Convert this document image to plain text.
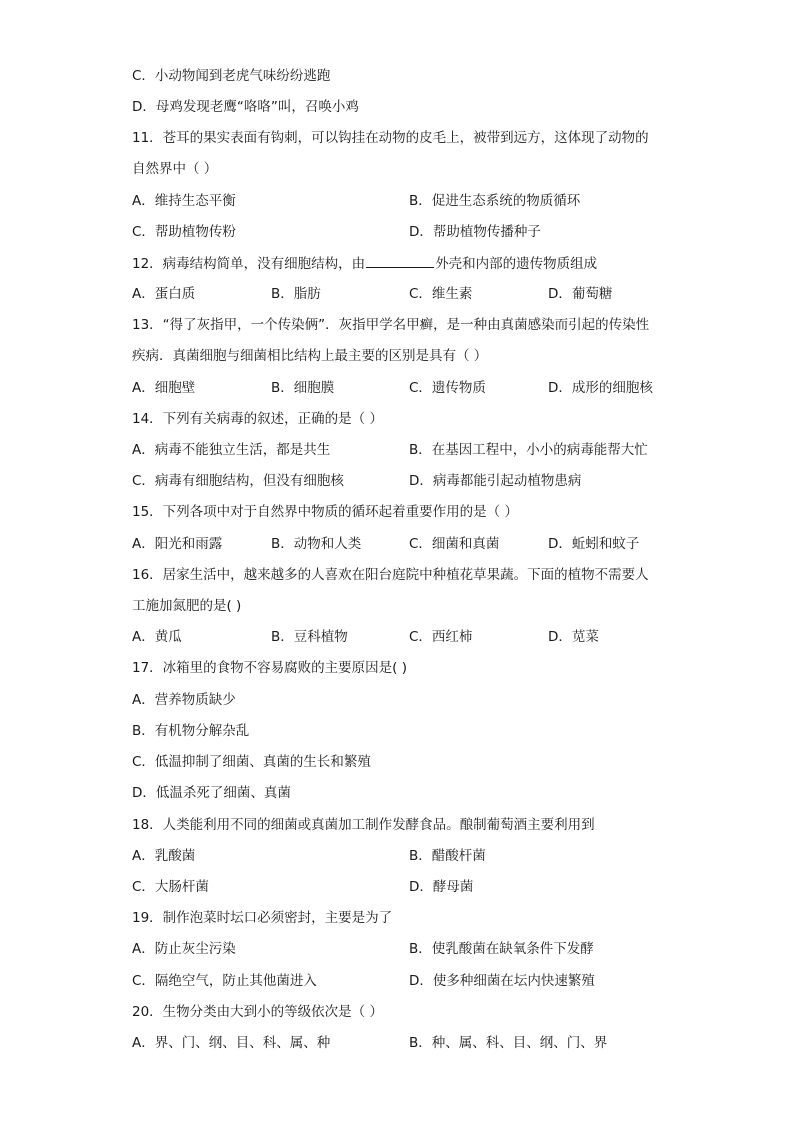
C．小动物闻到老虎气味纷纷逃跑
D．母鸡发现老鹰“咯咯”叫，召唤小鸡
11．苍耳的果实表面有钩刺，可以钩挂在动物的皮毛上，被带到远方，这体现了动物的
自然界中（ ）
A．维持生态平衡	B．促进生态系统的物质循环
C．帮助植物传粉	D．帮助植物传播种子
12．病毒结构简单，没有细胞结构，由	外壳和内部的遗传物质组成
A．蛋白质	B．脂肪	C．维生素	D．葡萄糖
13．“得了灰指甲，一个传染俩”．灰指甲学名甲癣，是一种由真菌感染而引起的传染性
疾病．真菌细胞与细菌相比结构上最主要的区别是具有（ ）
A．细胞壁	B．细胞膜	C．遗传物质	D．成形的细胞核
14．下列有关病毒的叙述，正确的是（ ）
A．病毒不能独立生活，都是共生	B．在基因工程中，小小的病毒能帮大忙
C．病毒有细胞结构，但没有细胞核	D．病毒都能引起动植物患病
15．下列各项中对于自然界中物质的循环起着重要作用的是（ ）
A．阳光和雨露	B．动物和人类	C．细菌和真菌	D．蚯蚓和蚊子
16．居家生活中，越来越多的人喜欢在阳台庭院中种植花草果蔬。下面的植物不需要人
工施加氮肥的是( )
A．黄瓜	B．豆科植物	C．西红柿	D．苋菜
17．冰箱里的食物不容易腐败的主要原因是( )
A．营养物质缺少
B．有机物分解杂乱
C．低温抑制了细菌、真菌的生长和繁殖
D．低温杀死了细菌、真菌
18．人类能利用不同的细菌或真菌加工制作发酵食品。酿制葡萄酒主要利用到
A．乳酸菌	B．醋酸杆菌
C．大肠杆菌	D．酵母菌
19．制作泡菜时坛口必须密封，主要是为了
A．防止灰尘污染	B．使乳酸菌在缺氧条件下发酵
C．隔绝空气，防止其他菌进入	D．使多种细菌在坛内快速繁殖
20．生物分类由大到小的等级依次是（ ）
A．界、门、纲、目、科、属、种	B．种、属、科、目、纲、门、界
